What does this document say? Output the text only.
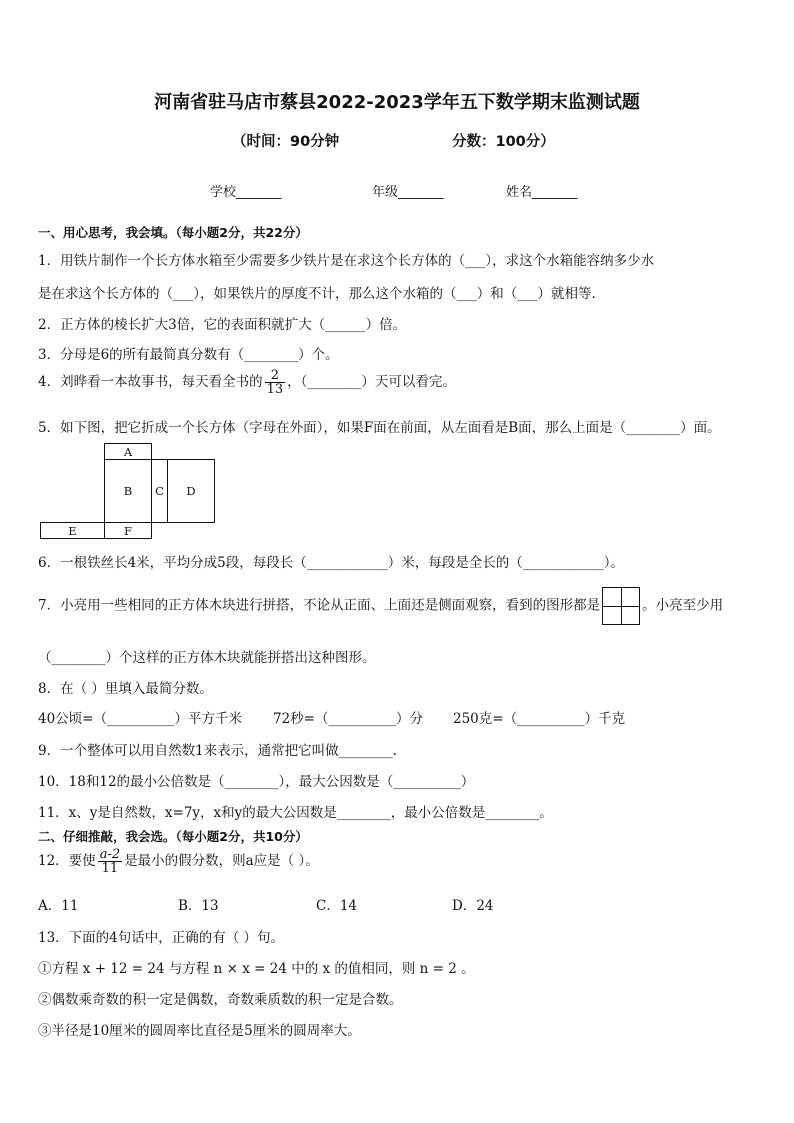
河南省驻马店市蔡县2022-2023学年五下数学期末监测试题
（时间：90分钟	分数：100分）
学校_______	年级_______	姓名_______
一、用心思考，我会填。（每小题2分，共22分）
1．用铁片制作一个长方体水箱至少需要多少铁片是在求这个长方体的（___），求这个水箱能容纳多少水
是在求这个长方体的（___），如果铁片的厚度不计，那么这个水箱的（___）和（___）就相等.
2．正方体的棱长扩大3倍，它的表面积就扩大（______）倍。
3．分母是6的所有最简真分数有（________）个。
4．刘晔看一本故事书，每天看全书的 $\frac{2}{13}$ ，（________）天可以看完。
5．如下图，把它折成一个长方体（字母在外面），如果F面在前面，从左面看是B面，那么上面是（________）面。
A
B	C	D
E	F
6．一根铁丝长4米，平均分成5段，每段长（____________）米，每段是全长的（____________）。
7．小亮用一些相同的正方体木块进行拼搭，不论从正面、上面还是侧面观察，看到的图形都是	。小亮至少用
（________）个这样的正方体木块就能拼搭出这种图形。
8．在（ ）里填入最简分数。
40公顷=（__________）平方千米 72秒=（__________）分 250克=（__________）千克
9．一个整体可以用自然数1来表示，通常把它叫做________.
10．18和12的最小公倍数是（________），最大公因数是（__________）
11．x、y是自然数，x=7y，x和y的最大公因数是________，最小公倍数是________。
二、仔细推敲，我会选。（每小题2分，共10分）
12．要使 $\frac{a-2}{11}$ 是最小的假分数，则a应是（ ）。
A．11	B．13	C．14	D．24
13．下面的4句话中，正确的有（ ）句。
①方程 x + 12 = 24 与方程 n × x = 24 中的 x 的值相同，则 n = 2 。
②偶数乘奇数的积一定是偶数，奇数乘质数的积一定是合数。
③半径是10厘米的圆周率比直径是5厘米的圆周率大。
